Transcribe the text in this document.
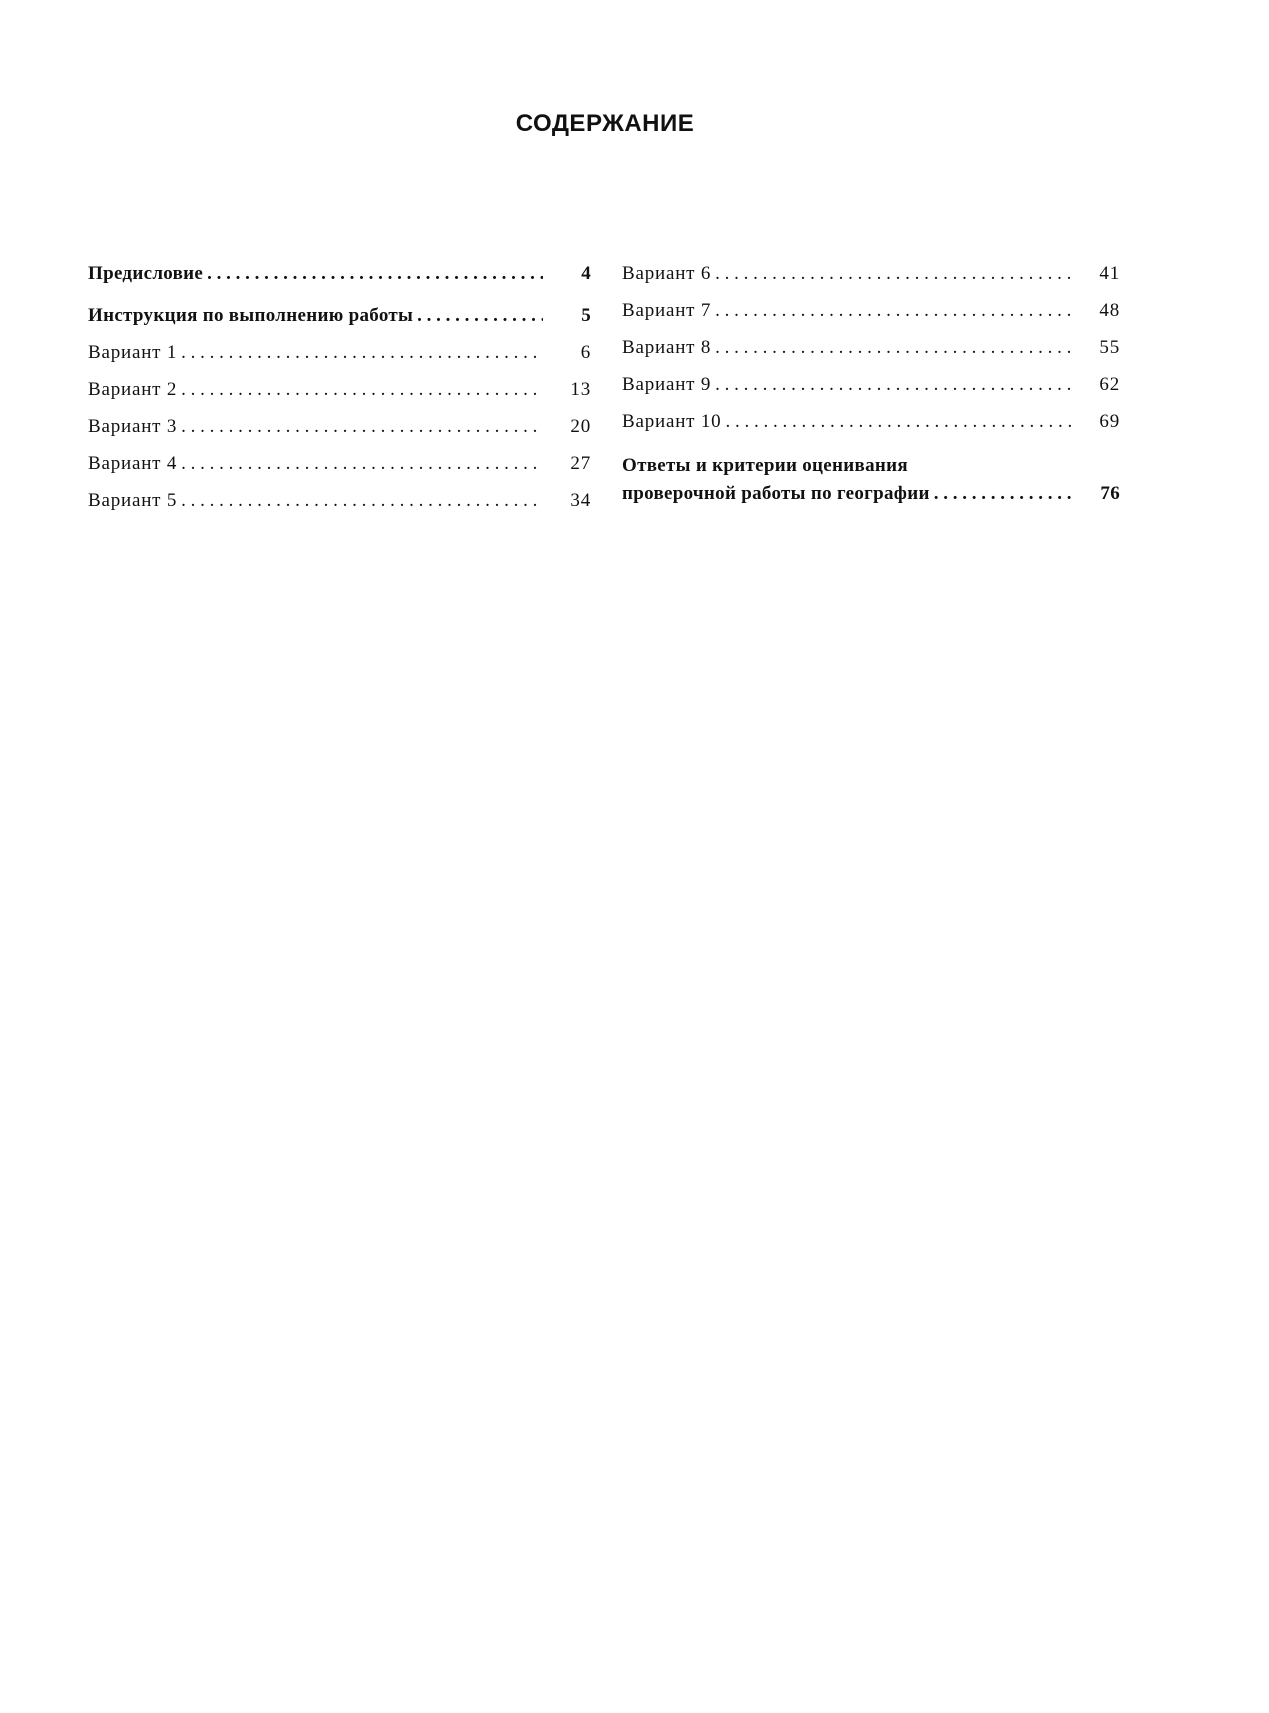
СОДЕРЖАНИЕ
Предисловие . . .	4
Инструкция по выполнению работы . . .	5
Вариант 1 . . .	6
Вариант 2 . . .	13
Вариант 3 . . .	20
Вариант 4 . . .	27
Вариант 5 . . .	34
Вариант 6 . . .	41
Вариант 7 . . .	48
Вариант 8 . . .	55
Вариант 9 . . .	62
Вариант 10 . . .	69
Ответы и критерии оценивания
проверочной работы по географии . . .	76
